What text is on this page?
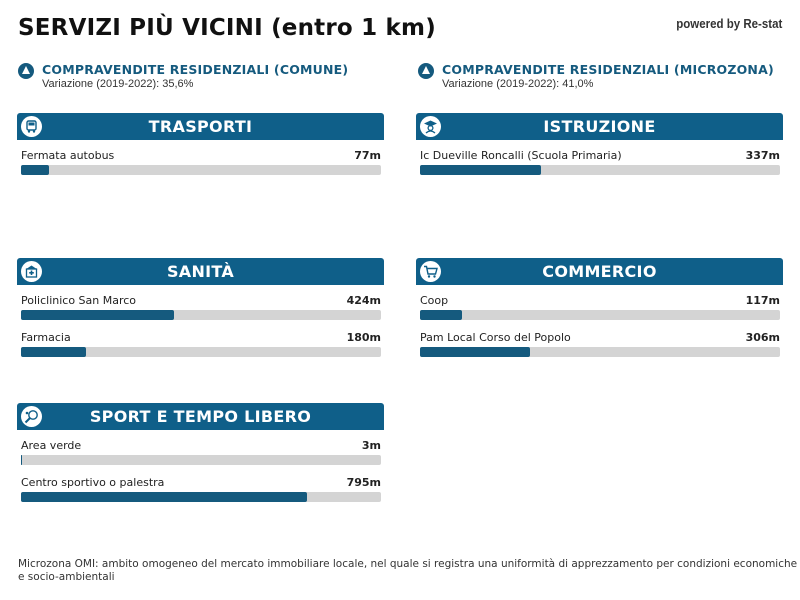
SERVIZI PIÙ VICINI (entro 1 km)	powered by Re-stat
COMPRAVENDITE RESIDENZIALI (COMUNE)
Variazione (2019-2022): 35,6%
COMPRAVENDITE RESIDENZIALI (MICROZONA)
Variazione (2019-2022): 41,0%
TRASPORTI
Fermata autobus	77m
ISTRUZIONE
Ic Dueville Roncalli (Scuola Primaria)	337m
SANITÀ
Policlinico San Marco	424m
Farmacia	180m
COMMERCIO
Coop	117m
Pam Local Corso del Popolo	306m
SPORT E TEMPO LIBERO
Area verde	3m
Centro sportivo o palestra	795m
Microzona OMI: ambito omogeneo del mercato immobiliare locale, nel quale si registra una uniformità di apprezzamento per condizioni economiche e socio-ambientali
